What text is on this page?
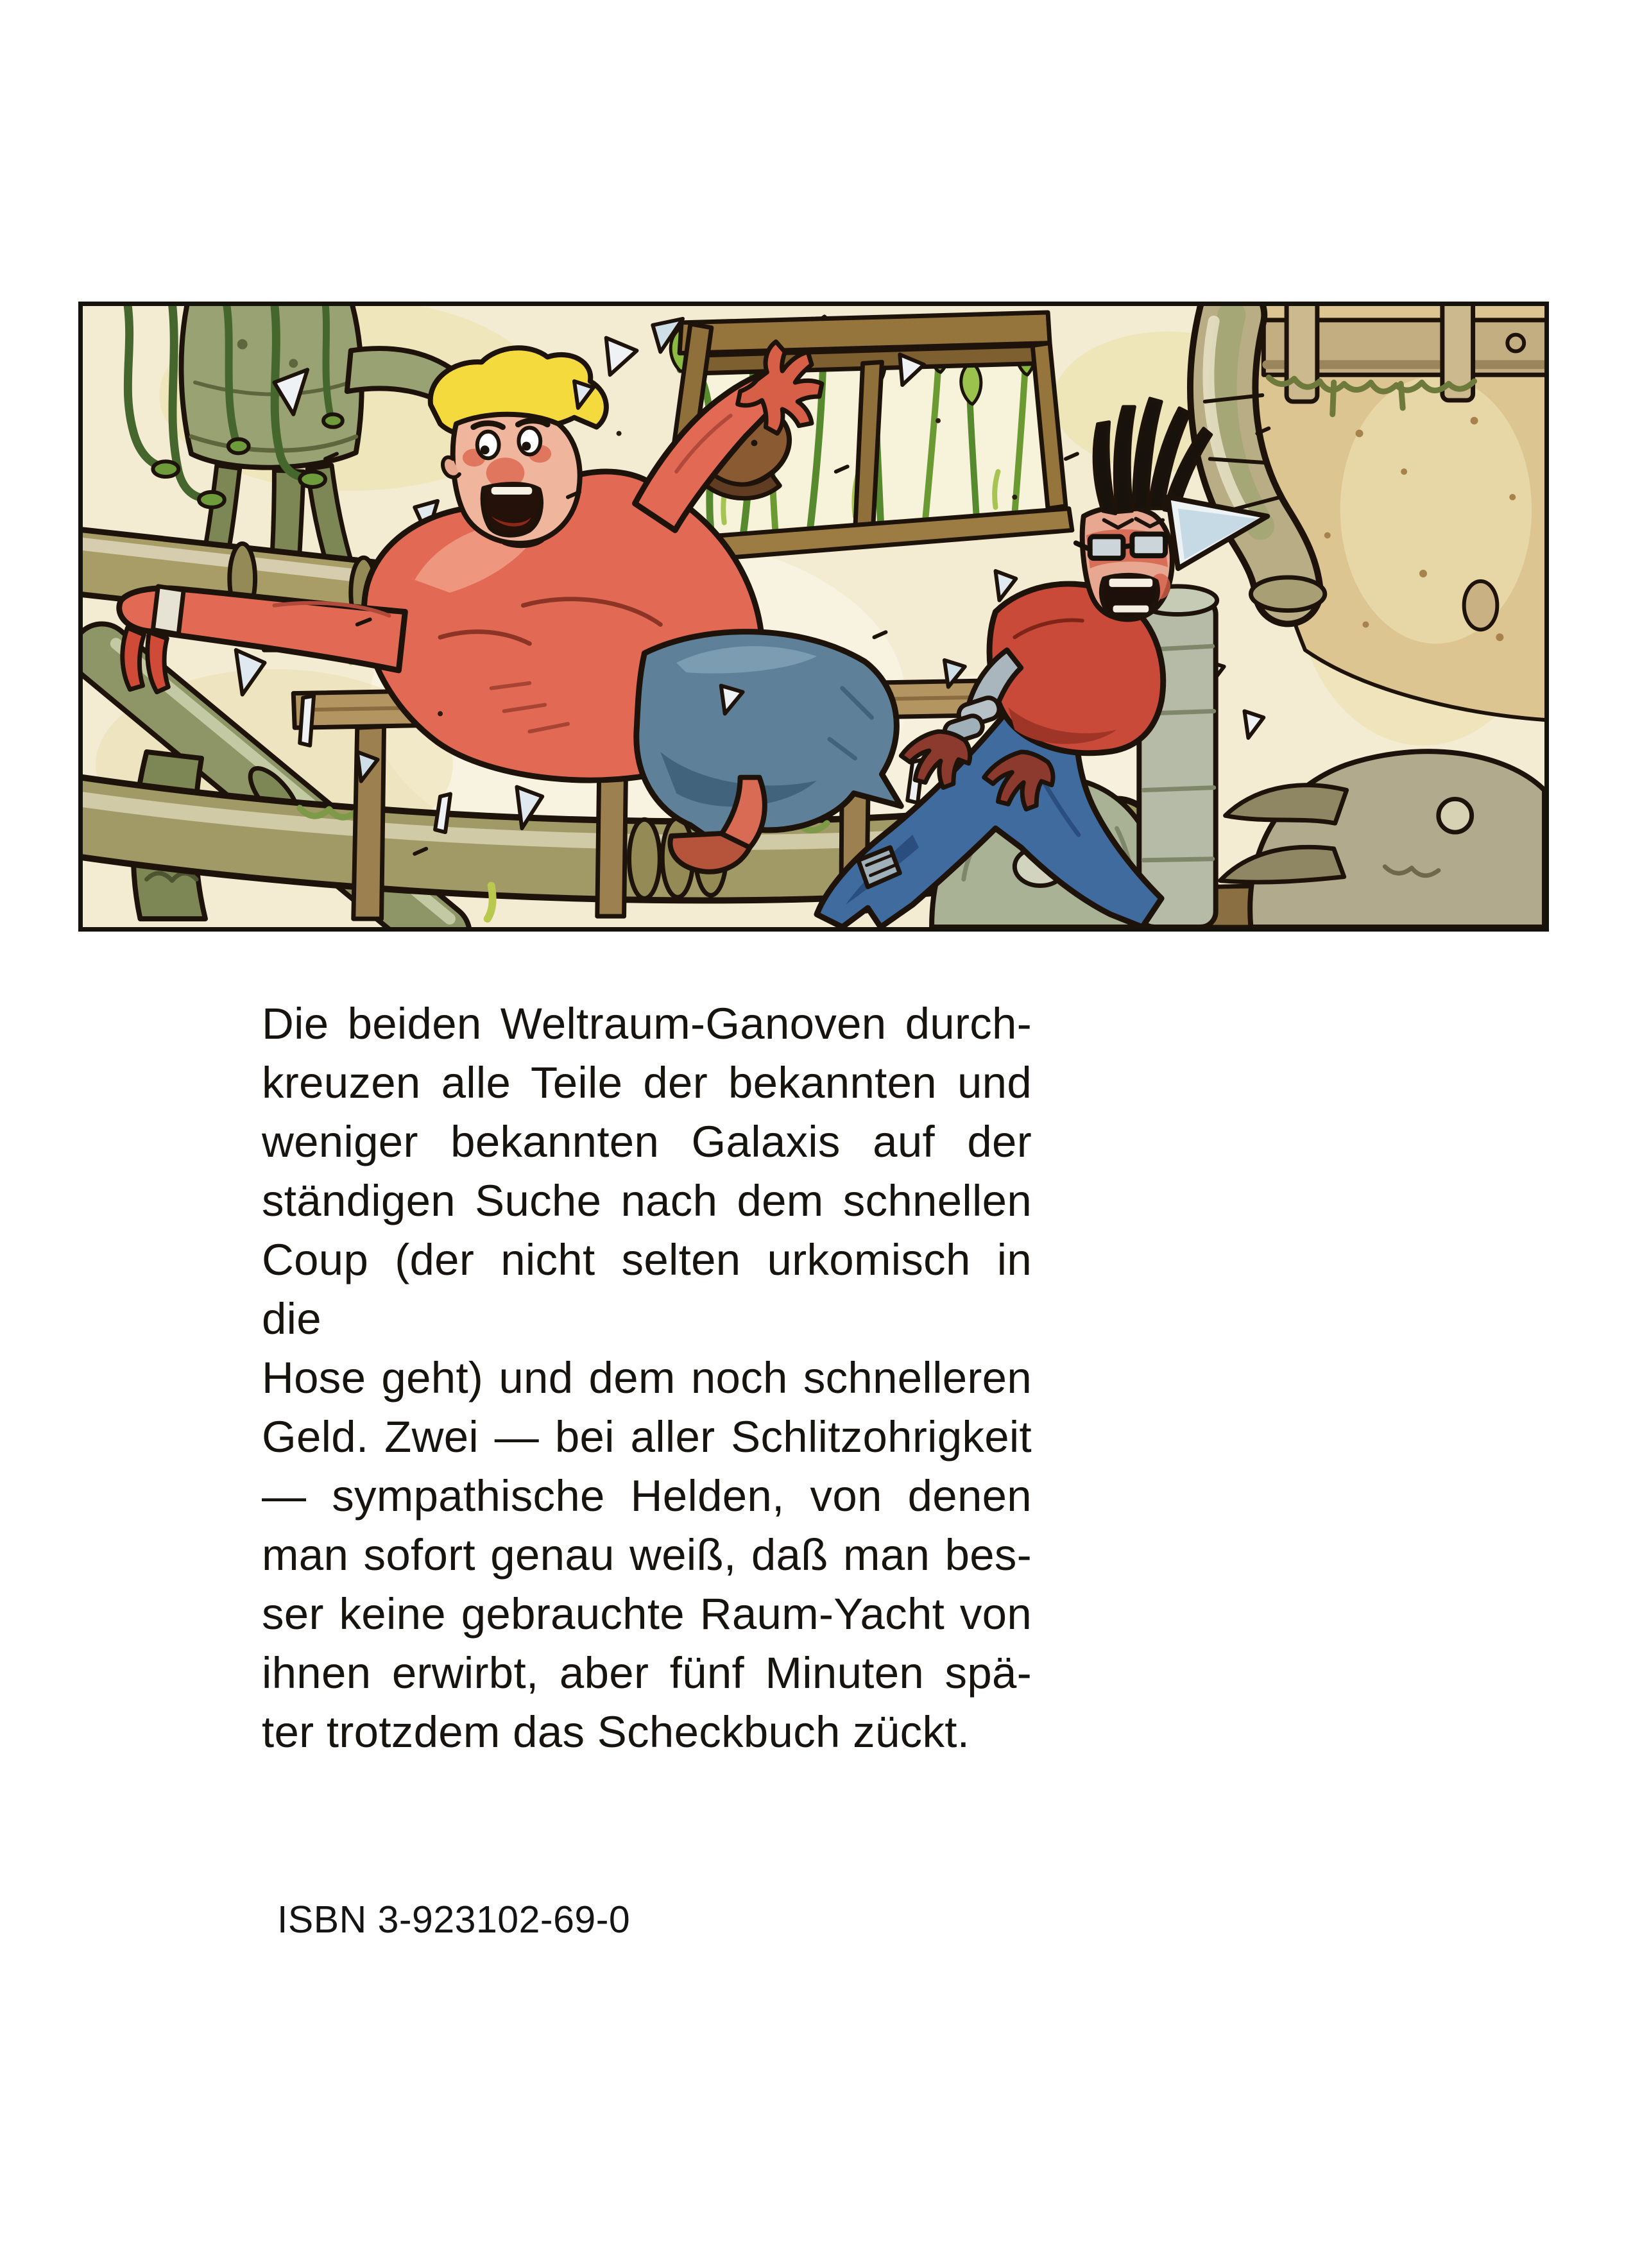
Die beiden Weltraum-Ganoven durch-
kreuzen alle Teile der bekannten und
weniger bekannten Galaxis auf der
ständigen Suche nach dem schnellen
Coup (der nicht selten urkomisch in die
Hose geht) und dem noch schnelleren
Geld. Zwei — bei aller Schlitzohrigkeit
— sympathische Helden, von denen
man sofort genau weiß, daß man bes-
ser keine gebrauchte Raum-Yacht von
ihnen erwirbt, aber fünf Minuten spä-
ter trotzdem das Scheckbuch zückt.
ISBN 3-923102-69-0
